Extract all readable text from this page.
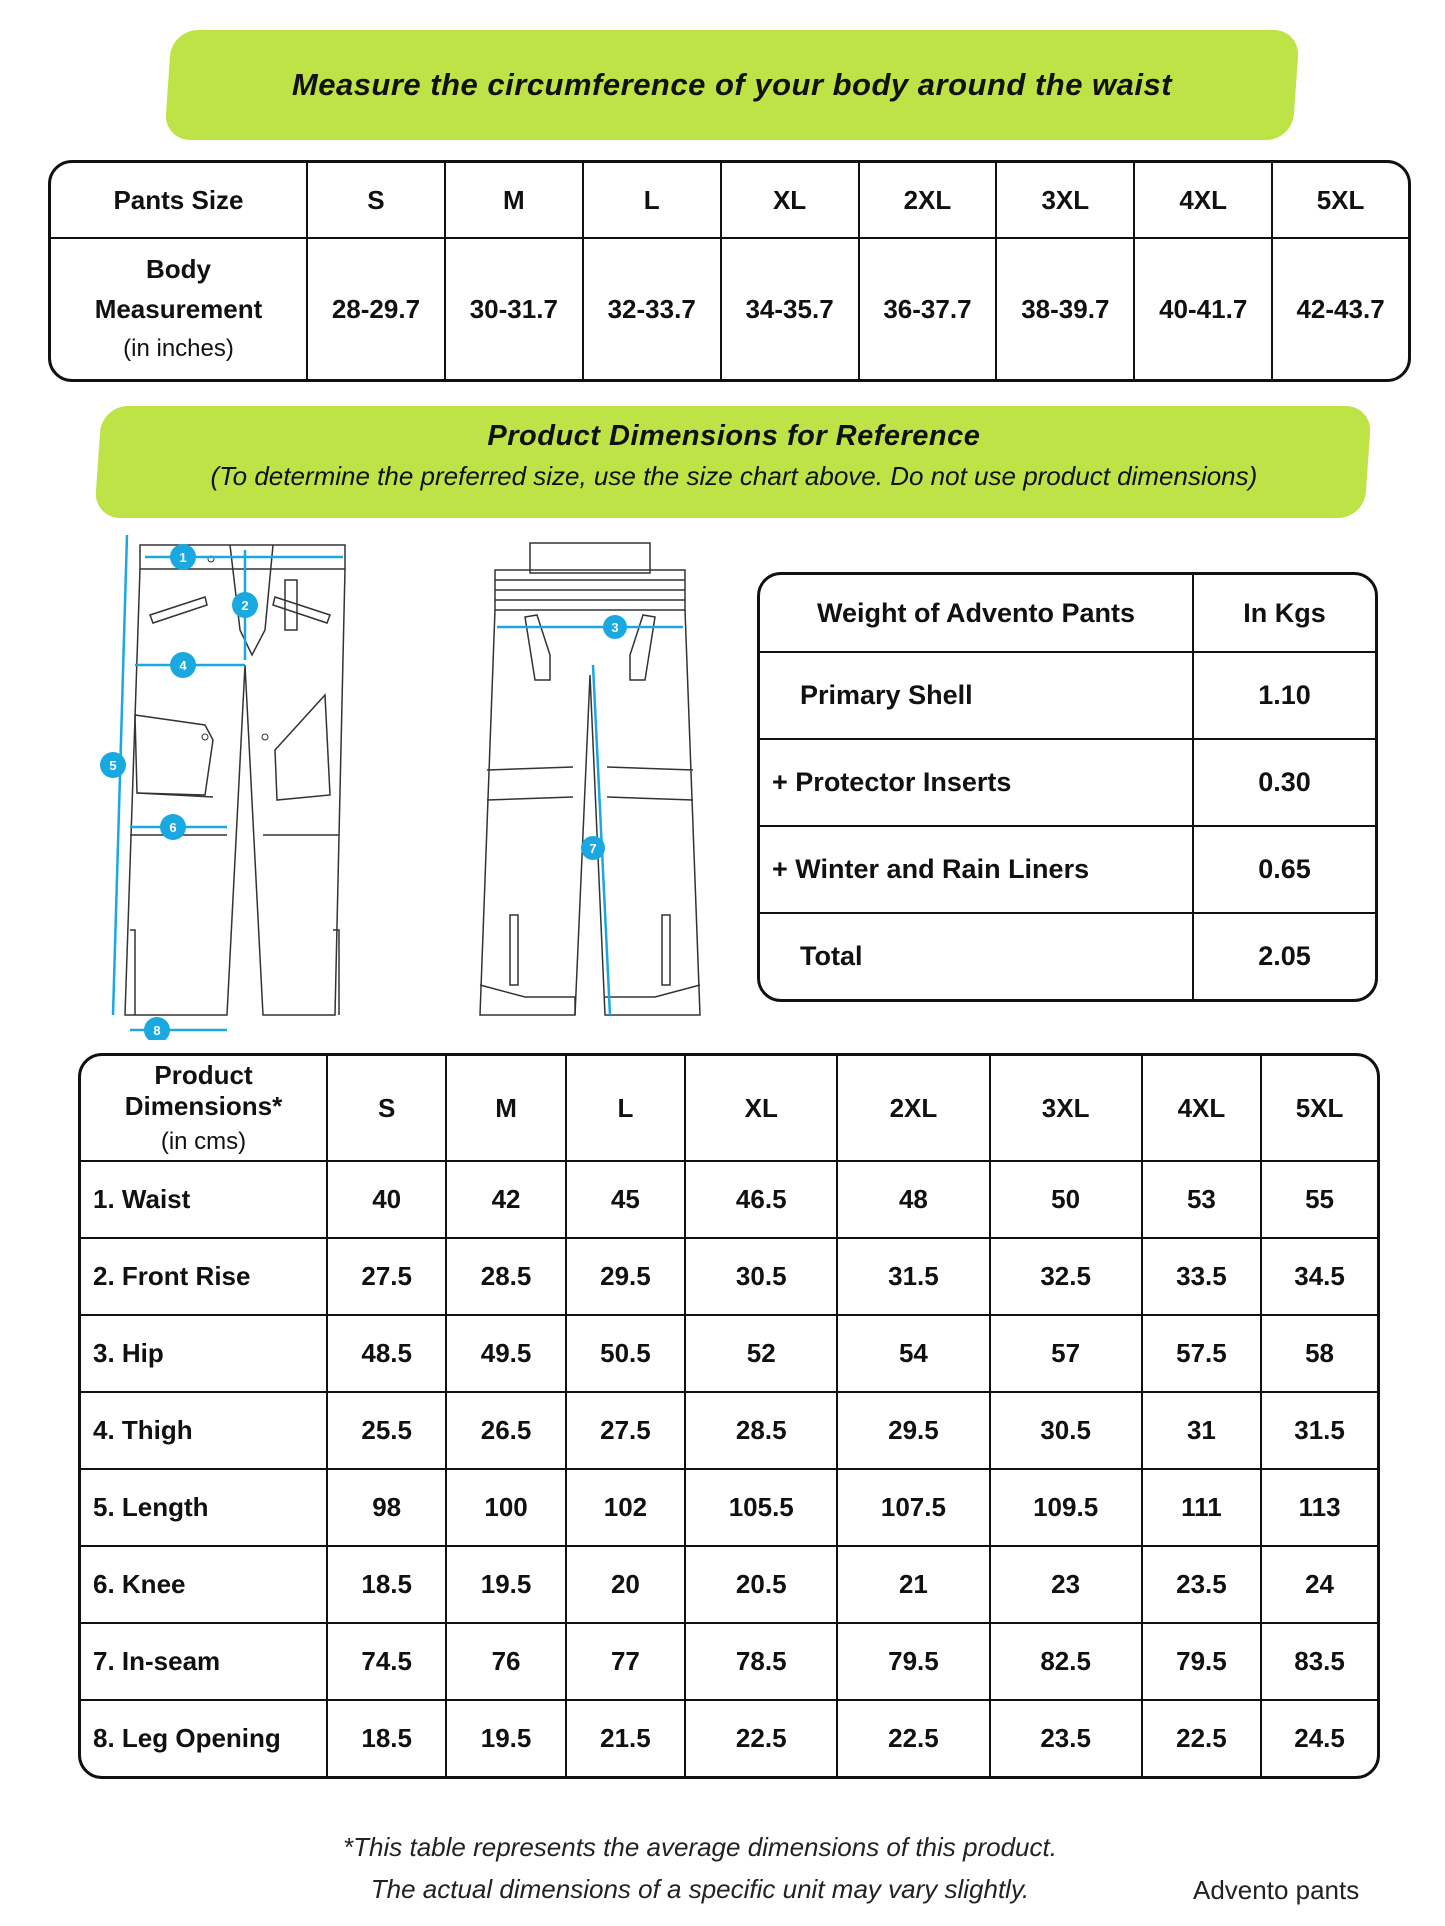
Measure the circumference of your body around the waist
Pants Size	S	M	L	XL	2XL	3XL	4XL	5XL

Body
Measurement
(in inches)	28-29.7	30-31.7	32-33.7	34-35.7	36-37.7	38-39.7	40-41.7	42-43.7
Product Dimensions for Reference
(To determine the preferred size, use the size chart above. Do not use product dimensions)
1
2
4
5
6
8
3
7
Weight of Advento Pants	In Kgs
Primary Shell	1.10
+ Protector Inserts	0.30
+ Winter and Rain Liners	0.65
Total	2.05
Product Dimensions*
(in cms)	S	M	L	XL	2XL	3XL	4XL	5XL
1. Waist	40	42	45	46.5	48	50	53	55
2. Front Rise	27.5	28.5	29.5	30.5	31.5	32.5	33.5	34.5
3. Hip	48.5	49.5	50.5	52	54	57	57.5	58
4. Thigh	25.5	26.5	27.5	28.5	29.5	30.5	31	31.5
5. Length	98	100	102	105.5	107.5	109.5	111	113
6. Knee	18.5	19.5	20	20.5	21	23	23.5	24
7. In-seam	74.5	76	77	78.5	79.5	82.5	79.5	83.5
8. Leg Opening	18.5	19.5	21.5	22.5	22.5	23.5	22.5	24.5
*This table represents the average dimensions of this product.
The actual dimensions of a specific unit may vary slightly.	Advento pants
